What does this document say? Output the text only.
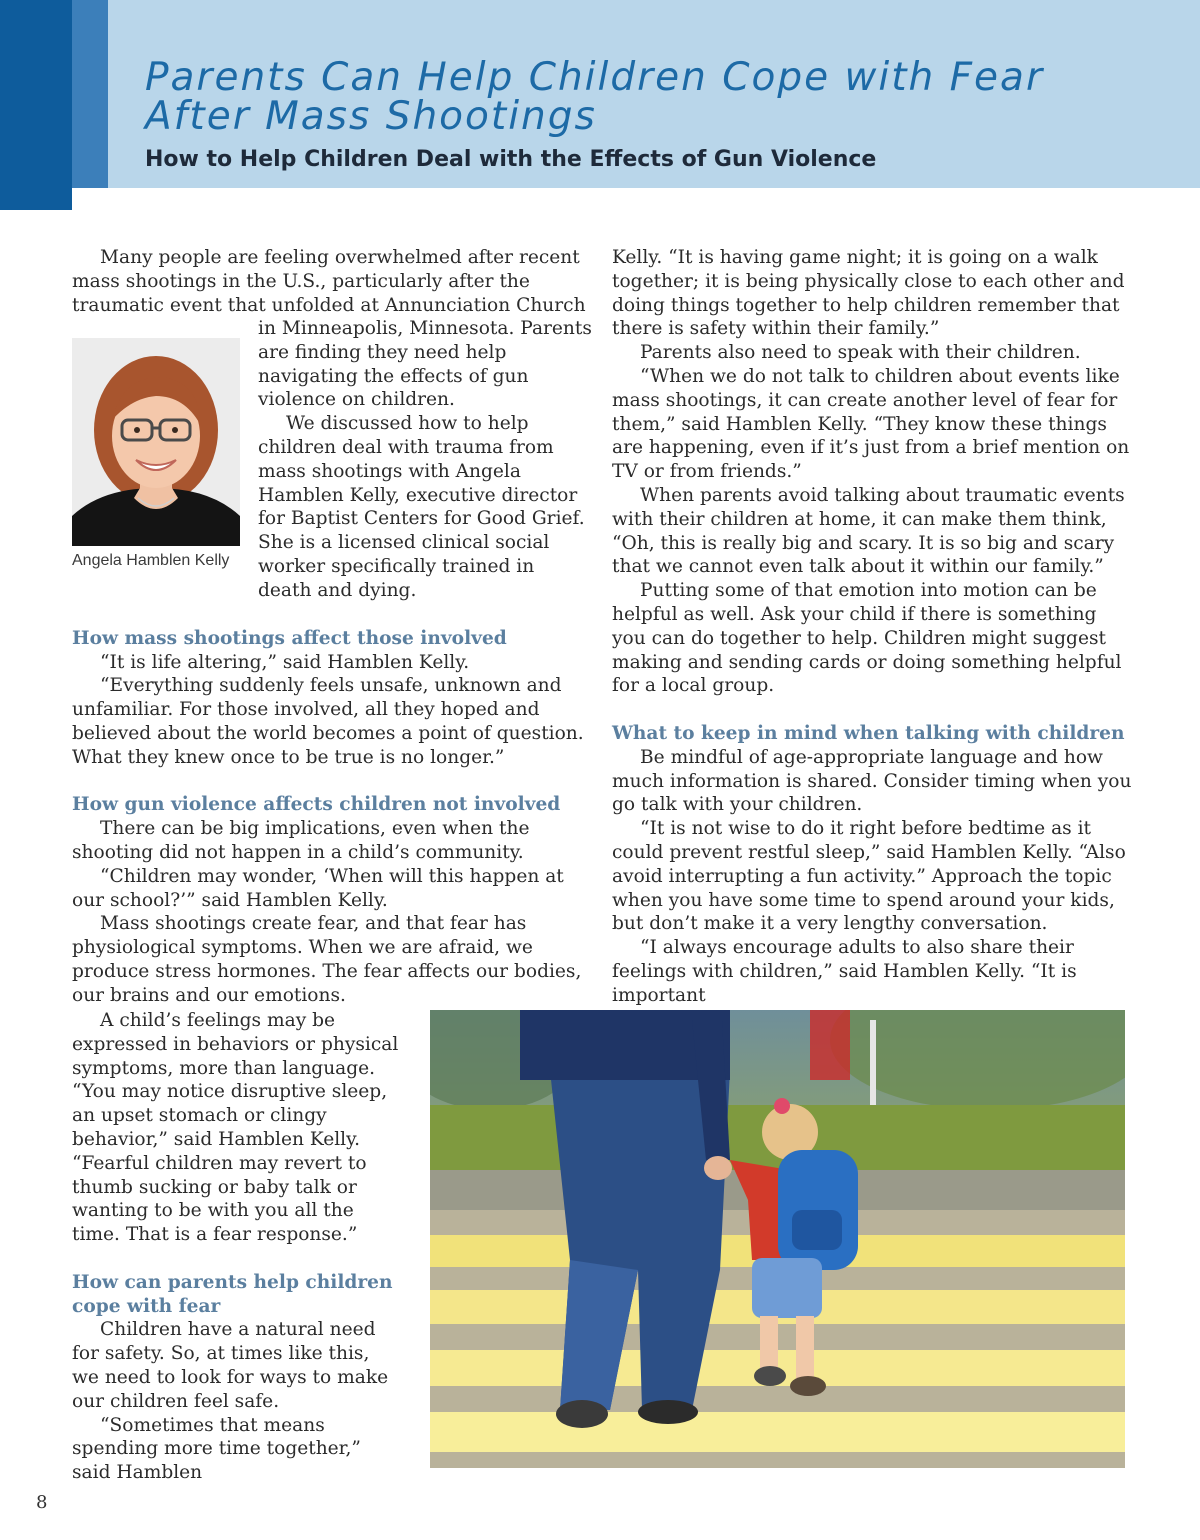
Parents Can Help Children Cope with Fear After Mass Shootings
How to Help Children Deal with the Effects of Gun Violence

Many people are feeling overwhelmed after recent mass shootings in the U.S., particularly after the traumatic event that unfolded at Annunciation Church

in Minneapolis, Minnesota. Parents are finding they need help navigating the effects of gun violence on children.

We discussed how to help children deal with trauma from mass shootings with Angela Hamblen Kelly, executive director for Baptist Centers for Good Grief. She is a licensed clinical social worker specifically trained in death and dying.

Angela Hamblen Kelly
How mass shootings affect those involved

“It is life altering,” said Hamblen Kelly.

“Everything suddenly feels unsafe, unknown and unfamiliar. For those involved, all they hoped and believed about the world becomes a point of question. What they knew once to be true is no longer.”

How gun violence affects children not involved

There can be big implications, even when the shooting did not happen in a child’s community.

“Children may wonder, ‘When will this happen at our school?’” said Hamblen Kelly.

Mass shootings create fear, and that fear has physiological symptoms. When we are afraid, we produce stress hormones. The fear affects our bodies, our brains and our emotions.

A child’s feelings may be expressed in behaviors or physical symptoms, more than language. “You may notice disruptive sleep, an upset stomach or clingy behavior,” said Hamblen Kelly. “Fearful children may revert to thumb sucking or baby talk or wanting to be with you all the time. That is a fear response.”

How can parents help children cope with fear

Children have a natural need for safety. So, at times like this, we need to look for ways to make our children feel safe.

“Sometimes that means spending more time together,” said Hamblen

Kelly. “It is having game night; it is going on a walk together; it is being physically close to each other and doing things together to help children remember that there is safety within their family.”

Parents also need to speak with their children.

“When we do not talk to children about events like mass shootings, it can create another level of fear for them,” said Hamblen Kelly. “They know these things are happening, even if it’s just from a brief mention on TV or from friends.”

When parents avoid talking about traumatic events with their children at home, it can make them think, “Oh, this is really big and scary. It is so big and scary that we cannot even talk about it within our family.”

Putting some of that emotion into motion can be helpful as well. Ask your child if there is something you can do together to help. Children might suggest making and sending cards or doing something helpful for a local group.

What to keep in mind when talking with children

Be mindful of age-appropriate language and how much information is shared. Consider timing when you go talk with your children.

“It is not wise to do it right before bedtime as it could prevent restful sleep,” said Hamblen Kelly. “Also avoid interrupting a fun activity.” Approach the topic when you have some time to spend around your kids, but don’t make it a very lengthy conversation.

“I always encourage adults to also share their feelings with children,” said Hamblen Kelly. “It is important

8
